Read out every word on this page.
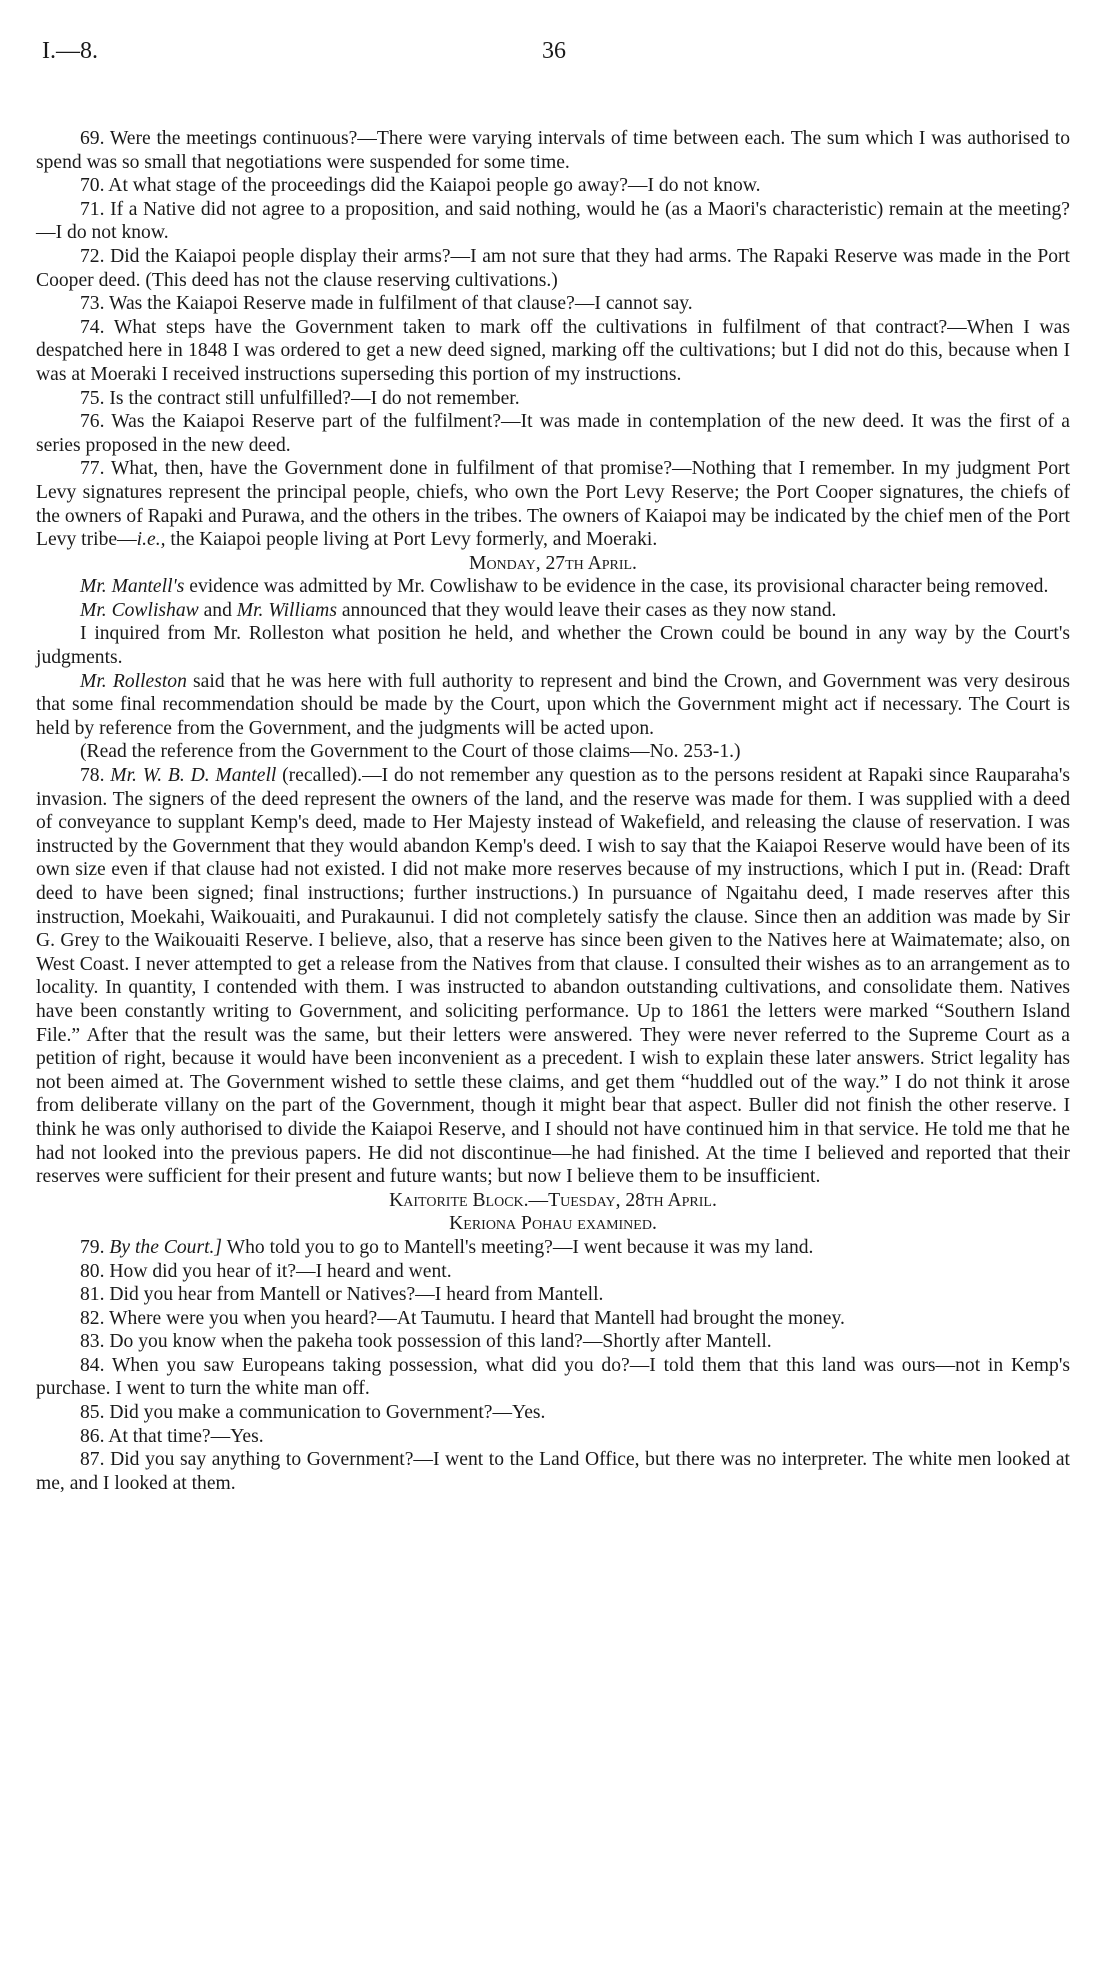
I.—8.	36

69. Were the meetings continuous?—There were varying intervals of time between each. The sum which I was authorised to spend was so small that negotiations were suspended for some time.

70. At what stage of the proceedings did the Kaiapoi people go away?—I do not know.

71. If a Native did not agree to a proposition, and said nothing, would he (as a Maori's characteristic) remain at the meeting?—I do not know.

72. Did the Kaiapoi people display their arms?—I am not sure that they had arms. The Rapaki Reserve was made in the Port Cooper deed. (This deed has not the clause reserving cultivations.)

73. Was the Kaiapoi Reserve made in fulfilment of that clause?—I cannot say.

74. What steps have the Government taken to mark off the cultivations in fulfilment of that contract?—When I was despatched here in 1848 I was ordered to get a new deed signed, marking off the cultivations; but I did not do this, because when I was at Moeraki I received instructions superseding this portion of my instructions.

75. Is the contract still unfulfilled?—I do not remember.

76. Was the Kaiapoi Reserve part of the fulfilment?—It was made in contemplation of the new deed. It was the first of a series proposed in the new deed.

77. What, then, have the Government done in fulfilment of that promise?—Nothing that I remember. In my judgment Port Levy signatures represent the principal people, chiefs, who own the Port Levy Reserve; the Port Cooper signatures, the chiefs of the owners of Rapaki and Purawa, and the others in the tribes. The owners of Kaiapoi may be indicated by the chief men of the Port Levy tribe—i.e., the Kaiapoi people living at Port Levy formerly, and Moeraki.

Monday, 27th April.

Mr. Mantell's evidence was admitted by Mr. Cowlishaw to be evidence in the case, its provisional character being removed.

Mr. Cowlishaw and Mr. Williams announced that they would leave their cases as they now stand.

I inquired from Mr. Rolleston what position he held, and whether the Crown could be bound in any way by the Court's judgments.

Mr. Rolleston said that he was here with full authority to represent and bind the Crown, and Government was very desirous that some final recommendation should be made by the Court, upon which the Government might act if necessary. The Court is held by reference from the Government, and the judgments will be acted upon.

(Read the reference from the Government to the Court of those claims—No. 253-1.)

78. Mr. W. B. D. Mantell (recalled).—I do not remember any question as to the persons resident at Rapaki since Rauparaha's invasion. The signers of the deed represent the owners of the land, and the reserve was made for them. I was supplied with a deed of conveyance to supplant Kemp's deed, made to Her Majesty instead of Wakefield, and releasing the clause of reservation. I was instructed by the Government that they would abandon Kemp's deed. I wish to say that the Kaiapoi Reserve would have been of its own size even if that clause had not existed. I did not make more reserves because of my instructions, which I put in. (Read: Draft deed to have been signed; final instructions; further instructions.) In pursuance of Ngaitahu deed, I made reserves after this instruction, Moekahi, Waikouaiti, and Purakaunui. I did not completely satisfy the clause. Since then an addition was made by Sir G. Grey to the Waikouaiti Reserve. I believe, also, that a reserve has since been given to the Natives here at Waimatemate; also, on West Coast. I never attempted to get a release from the Natives from that clause. I consulted their wishes as to an arrangement as to locality. In quantity, I contended with them. I was instructed to abandon outstanding cultivations, and consolidate them. Natives have been constantly writing to Government, and soliciting performance. Up to 1861 the letters were marked “Southern Island File.” After that the result was the same, but their letters were answered. They were never referred to the Supreme Court as a petition of right, because it would have been inconvenient as a precedent. I wish to explain these later answers. Strict legality has not been aimed at. The Government wished to settle these claims, and get them “huddled out of the way.” I do not think it arose from deliberate villany on the part of the Government, though it might bear that aspect. Buller did not finish the other reserve. I think he was only authorised to divide the Kaiapoi Reserve, and I should not have continued him in that service. He told me that he had not looked into the previous papers. He did not discontinue—he had finished. At the time I believed and reported that their reserves were sufficient for their present and future wants; but now I believe them to be insufficient.

Kaitorite Block.—Tuesday, 28th April.

Keriona Pohau examined.

79. By the Court.] Who told you to go to Mantell's meeting?—I went because it was my land.

80. How did you hear of it?—I heard and went.

81. Did you hear from Mantell or Natives?—I heard from Mantell.

82. Where were you when you heard?—At Taumutu. I heard that Mantell had brought the money.

83. Do you know when the pakeha took possession of this land?—Shortly after Mantell.

84. When you saw Europeans taking possession, what did you do?—I told them that this land was ours—not in Kemp's purchase. I went to turn the white man off.

85. Did you make a communication to Government?—Yes.

86. At that time?—Yes.

87. Did you say anything to Government?—I went to the Land Office, but there was no interpreter. The white men looked at me, and I looked at them.
